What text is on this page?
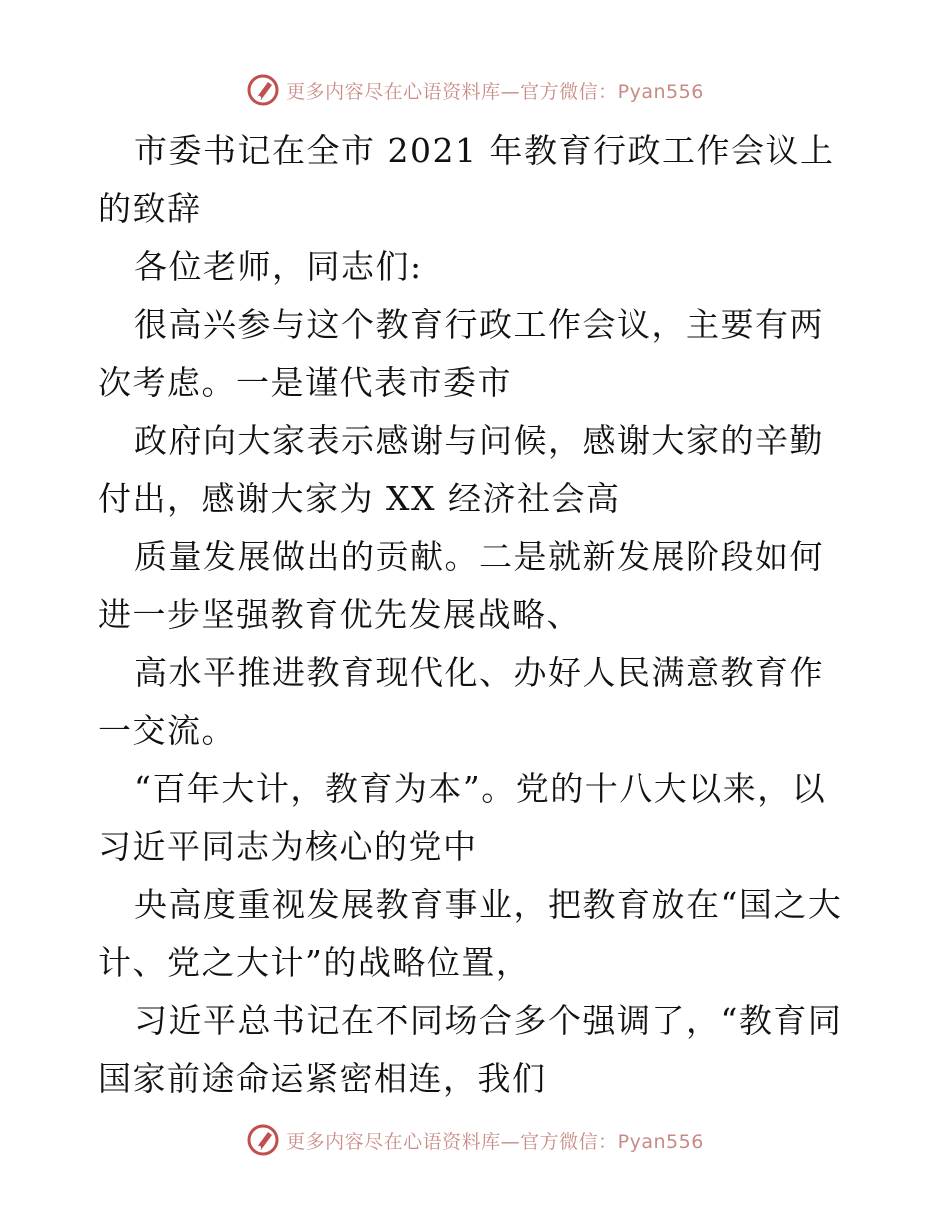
更多内容尽在心语资料库—官方微信：Pyan556

市委书记在全市 2021 年教育行政工作会议上的致辞

各位老师，同志们:

很高兴参与这个教育行政工作会议，主要有两次考虑。一是谨代表市委市

政府向大家表示感谢与问候，感谢大家的辛勤付出，感谢大家为 XX 经济社会高

质量发展做出的贡献。二是就新发展阶段如何进一步坚强教育优先发展战略、

高水平推进教育现代化、办好人民满意教育作一交流。

“百年大计，教育为本”。党的十八大以来，以习近平同志为核心的党中

央高度重视发展教育事业，把教育放在“国之大计、党之大计”的战略位置，

习近平总书记在不同场合多个强调了，“教育同国家前途命运紧密相连，我们

更多内容尽在心语资料库—官方微信：Pyan556
